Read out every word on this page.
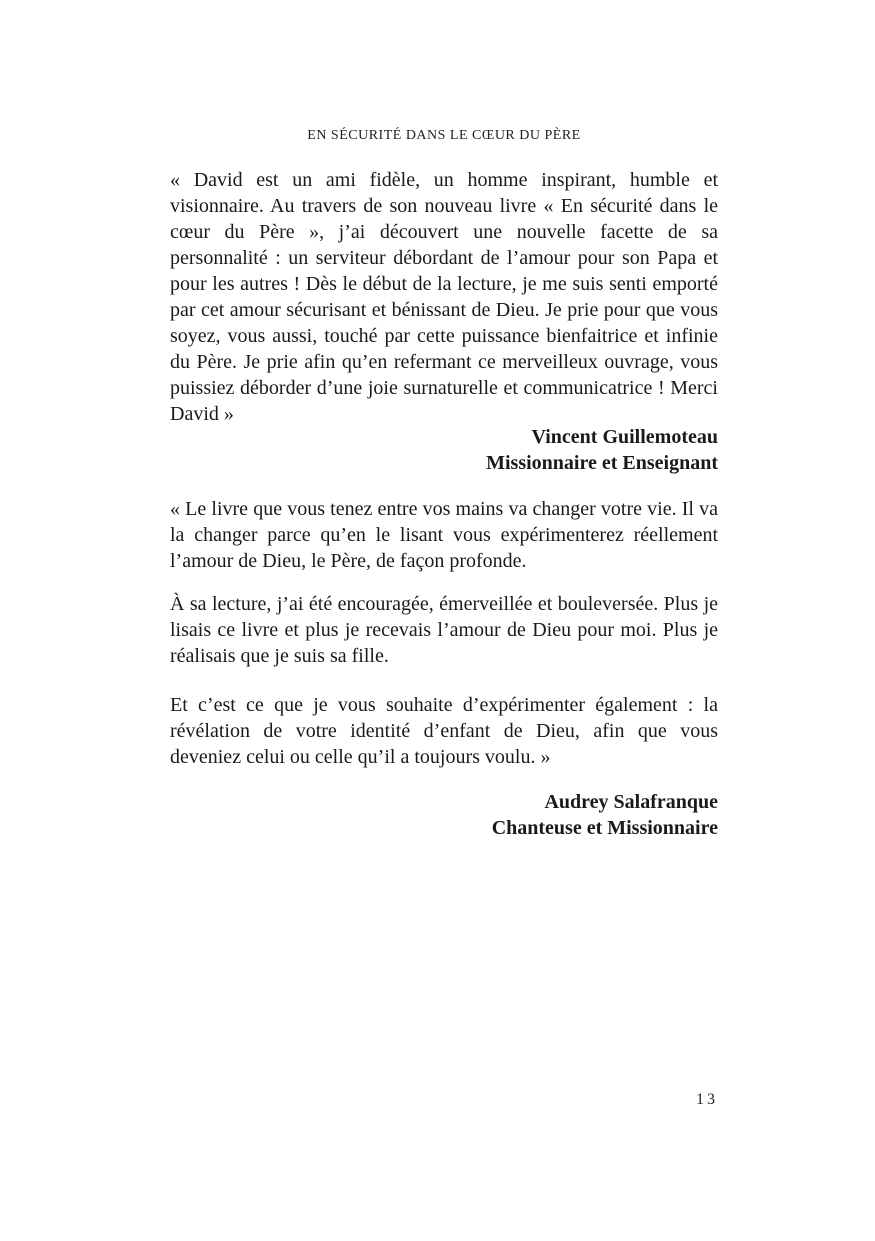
EN SÉCURITÉ DANS LE CŒUR DU PÈRE

« David est un ami fidèle, un homme inspirant, humble et visionnaire. Au travers de son nouveau livre « En sécurité dans le cœur du Père », j’ai découvert une nouvelle facette de sa personnalité : un serviteur débordant de l’amour pour son Papa et pour les autres ! Dès le début de la lecture, je me suis senti emporté par cet amour sécurisant et bénissant de Dieu. Je prie pour que vous soyez, vous aussi, touché par cette puissance bienfaitrice et infinie du Père. Je prie afin qu’en refermant ce merveilleux ouvrage, vous puissiez déborder d’une joie surnaturelle et communicatrice ! Merci David »

Vincent Guillemoteau
Missionnaire et Enseignant

« Le livre que vous tenez entre vos mains va changer votre vie. Il va la changer parce qu’en le lisant vous expérimenterez réellement l’amour de Dieu, le Père, de façon profonde.

À sa lecture, j’ai été encouragée, émerveillée et bouleversée. Plus je lisais ce livre et plus je recevais l’amour de Dieu pour moi. Plus je réalisais que je suis sa fille.

Et c’est ce que je vous souhaite d’expérimenter également : la révélation de votre identité d’enfant de Dieu, afin que vous deveniez celui ou celle qu’il a toujours voulu. »

Audrey Salafranque
Chanteuse et Missionnaire
13
